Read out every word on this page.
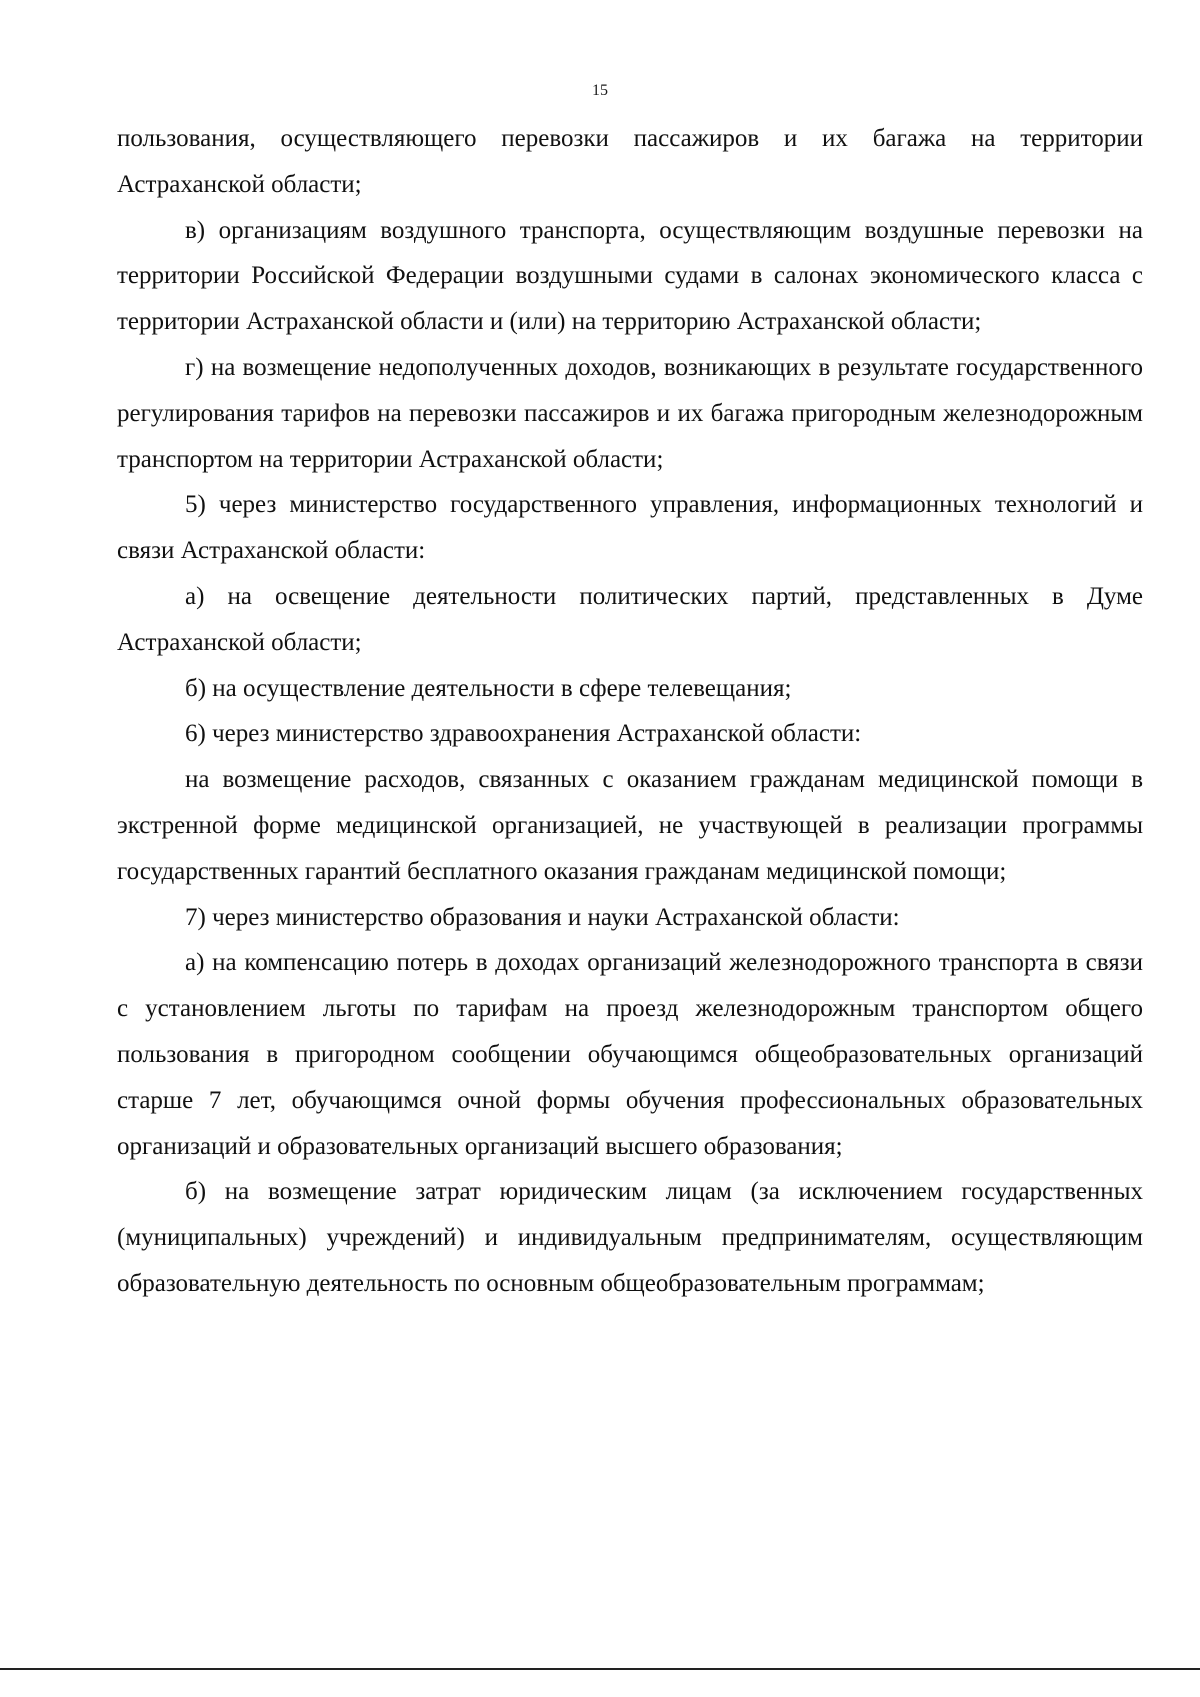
15

пользования, осуществляющего перевозки пассажиров и их багажа на территории Астраханской области;

в) организациям воздушного транспорта, осуществляющим воздушные перевозки на территории Российской Федерации воздушными судами в салонах экономического класса с территории Астраханской области и (или) на территорию Астраханской области;

г) на возмещение недополученных доходов, возникающих в результате государственного регулирования тарифов на перевозки пассажиров и их багажа пригородным железнодорожным транспортом на территории Астраханской области;

5) через министерство государственного управления, информационных технологий и связи Астраханской области:

а) на освещение деятельности политических партий, представленных в Думе Астраханской области;

б) на осуществление деятельности в сфере телевещания;

6) через министерство здравоохранения Астраханской области:

на возмещение расходов, связанных с оказанием гражданам медицинской помощи в экстренной форме медицинской организацией, не участвующей в реализации программы государственных гарантий бесплатного оказания гражданам медицинской помощи;

7) через министерство образования и науки Астраханской области:

а) на компенсацию потерь в доходах организаций железнодорожного транспорта в связи с установлением льготы по тарифам на проезд железнодорожным транспортом общего пользования в пригородном сообщении обучающимся общеобразовательных организаций старше 7 лет, обучающимся очной формы обучения профессиональных образовательных организаций и образовательных организаций высшего образования;

б) на возмещение затрат юридическим лицам (за исключением государственных (муниципальных) учреждений) и индивидуальным предпринимателям, осуществляющим образовательную деятельность по основным общеобразовательным программам;
